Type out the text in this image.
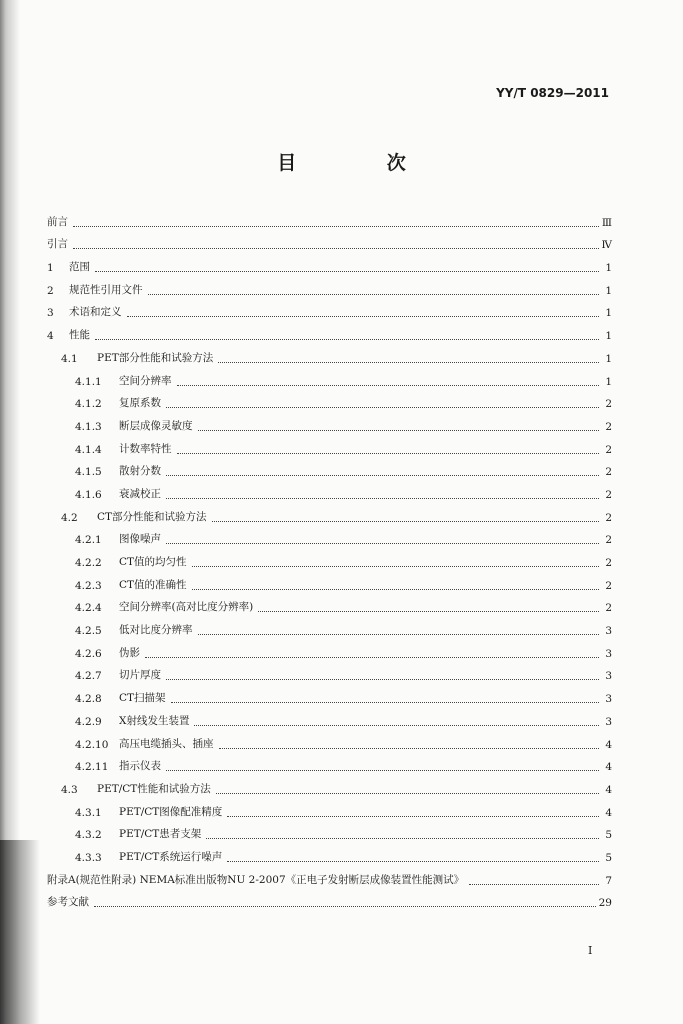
YY/T 0829—2011
目 次
前言	Ⅲ
引言	Ⅳ
1	范围	1
2	规范性引用文件	1
3	术语和定义	1
4	性能	1
4.1	PET部分性能和试验方法	1
4.1.1	空间分辨率	1
4.1.2	复原系数	2
4.1.3	断层成像灵敏度	2
4.1.4	计数率特性	2
4.1.5	散射分数	2
4.1.6	衰减校正	2
4.2	CT部分性能和试验方法	2
4.2.1	图像噪声	2
4.2.2	CT值的均匀性	2
4.2.3	CT值的准确性	2
4.2.4	空间分辨率(高对比度分辨率)	2
4.2.5	低对比度分辨率	3
4.2.6	伪影	3
4.2.7	切片厚度	3
4.2.8	CT扫描架	3
4.2.9	X射线发生装置	3
4.2.10	高压电缆插头、插座	4
4.2.11	指示仪表	4
4.3	PET/CT性能和试验方法	4
4.3.1	PET/CT图像配准精度	4
4.3.2	PET/CT患者支架	5
4.3.3	PET/CT系统运行噪声	5
附录A(规范性附录) NEMA标准出版物NU 2-2007《正电子发射断层成像装置性能测试》	7
参考文献	29
Ⅰ
